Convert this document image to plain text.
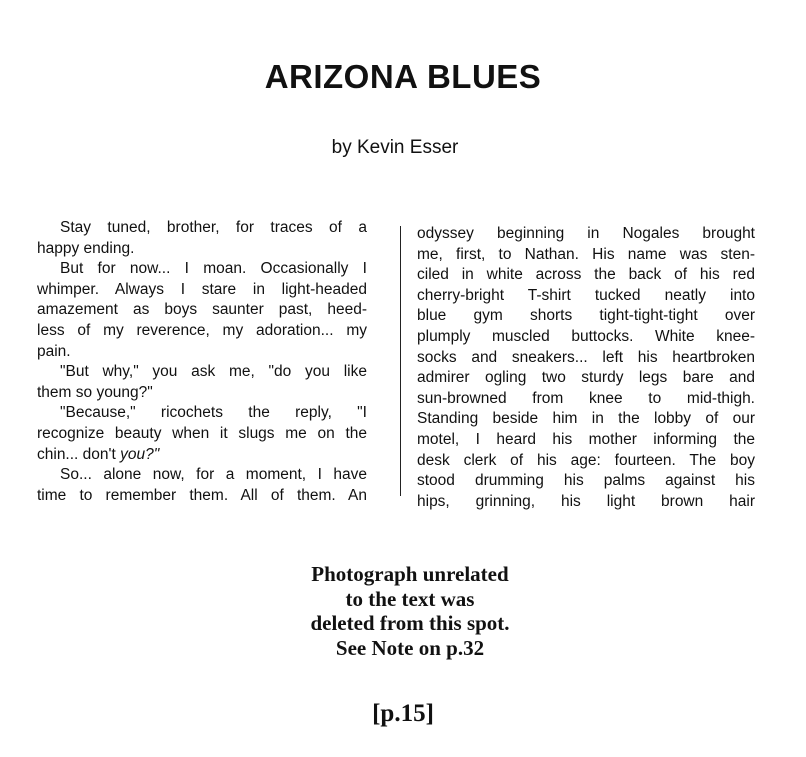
ARIZONA BLUES
by Kevin Esser
Stay tuned, brother, for traces of a
happy ending.
But for now... I moan. Occasionally I
whimper. Always I stare in light-headed
amazement as boys saunter past, heed-
less of my reverence, my adoration... my
pain.
"But why," you ask me, "do you like
them so young?"
"Because," ricochets the reply, "I
recognize beauty when it slugs me on the
chin... don't you?"
So... alone now, for a moment, I have
time to remember them. All of them. An
odyssey beginning in Nogales brought
me, first, to Nathan. His name was sten-
ciled in white across the back of his red
cherry-bright T-shirt tucked neatly into
blue gym shorts tight-tight-tight over
plumply muscled buttocks. White knee-
socks and sneakers... left his heartbroken
admirer ogling two sturdy legs bare and
sun-browned from knee to mid-thigh.
Standing beside him in the lobby of our
motel, I heard his mother informing the
desk clerk of his age: fourteen. The boy
stood drumming his palms against his
hips, grinning, his light brown hair
Photograph unrelated
to the text was
deleted from this spot.
See Note on p.32
[p.15]
